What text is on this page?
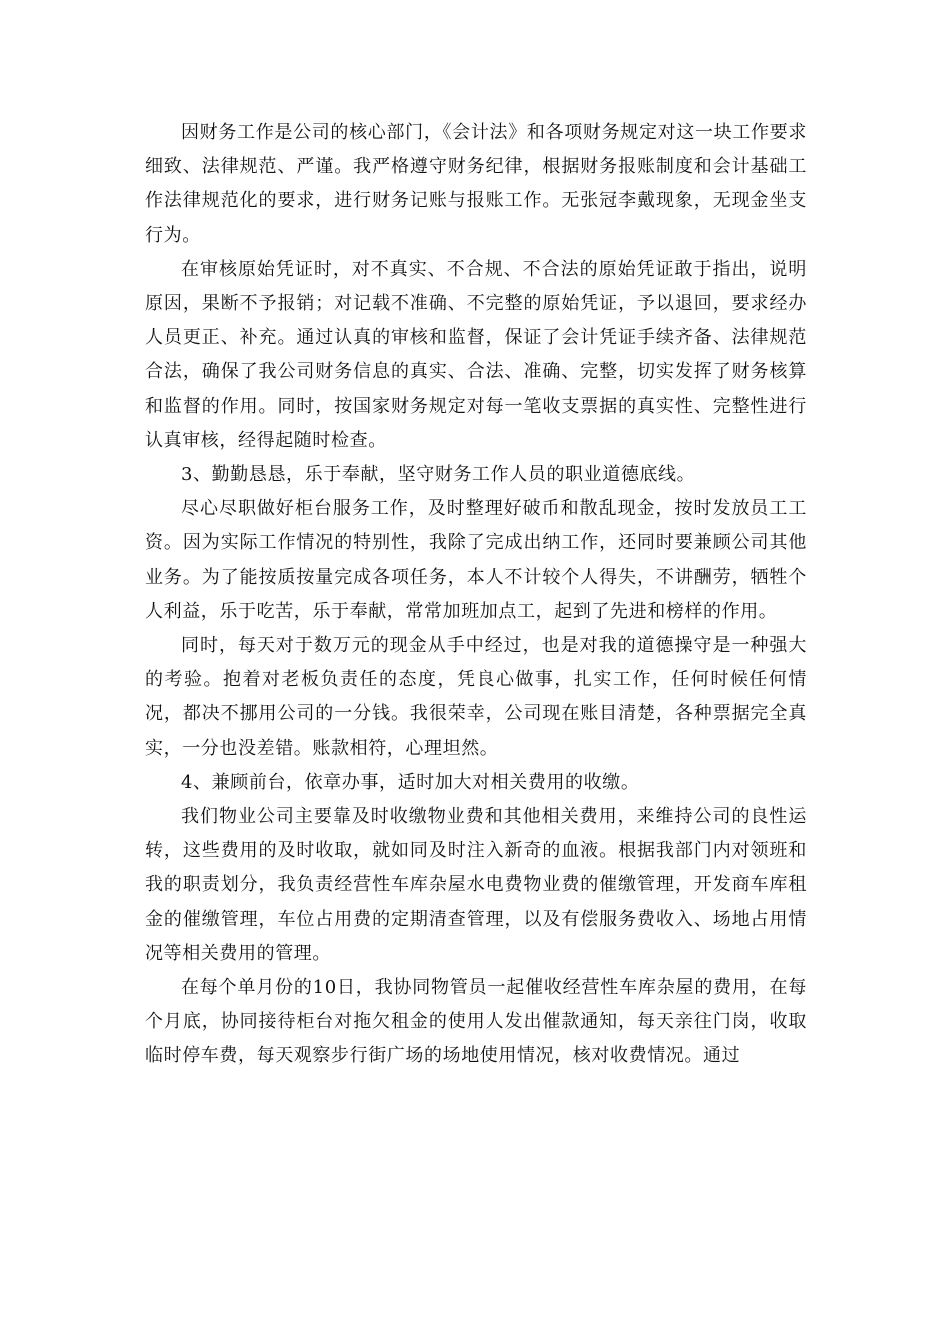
因财务工作是公司的核心部门，《会计法》和各项财务规定对这一块工作要求细致、法律规范、严谨。我严格遵守财务纪律，根据财务报账制度和会计基础工作法律规范化的要求，进行财务记账与报账工作。无张冠李戴现象，无现金坐支行为。

在审核原始凭证时，对不真实、不合规、不合法的原始凭证敢于指出，说明原因，果断不予报销；对记载不准确、不完整的原始凭证，予以退回，要求经办人员更正、补充。通过认真的审核和监督，保证了会计凭证手续齐备、法律规范合法，确保了我公司财务信息的真实、合法、准确、完整，切实发挥了财务核算和监督的作用。同时，按国家财务规定对每一笔收支票据的真实性、完整性进行认真审核，经得起随时检查。

3、勤勤恳恳，乐于奉献，坚守财务工作人员的职业道德底线。

尽心尽职做好柜台服务工作，及时整理好破币和散乱现金，按时发放员工工资。因为实际工作情况的特别性，我除了完成出纳工作，还同时要兼顾公司其他业务。为了能按质按量完成各项任务，本人不计较个人得失，不讲酬劳，牺牲个人利益，乐于吃苦，乐于奉献，常常加班加点工，起到了先进和榜样的作用。

同时，每天对于数万元的现金从手中经过，也是对我的道德操守是一种强大的考验。抱着对老板负责任的态度，凭良心做事，扎实工作，任何时候任何情况，都决不挪用公司的一分钱。我很荣幸，公司现在账目清楚，各种票据完全真实，一分也没差错。账款相符，心理坦然。

4、兼顾前台，依章办事，适时加大对相关费用的收缴。

我们物业公司主要靠及时收缴物业费和其他相关费用，来维持公司的良性运转，这些费用的及时收取，就如同及时注入新奇的血液。根据我部门内对领班和我的职责划分，我负责经营性车库杂屋水电费物业费的催缴管理，开发商车库租金的催缴管理，车位占用费的定期清查管理，以及有偿服务费收入、场地占用情况等相关费用的管理。

在每个单月份的10日，我协同物管员一起催收经营性车库杂屋的费用，在每个月底，协同接待柜台对拖欠租金的使用人发出催款通知，每天亲往门岗，收取临时停车费，每天观察步行街广场的场地使用情况，核对收费情况。通过
